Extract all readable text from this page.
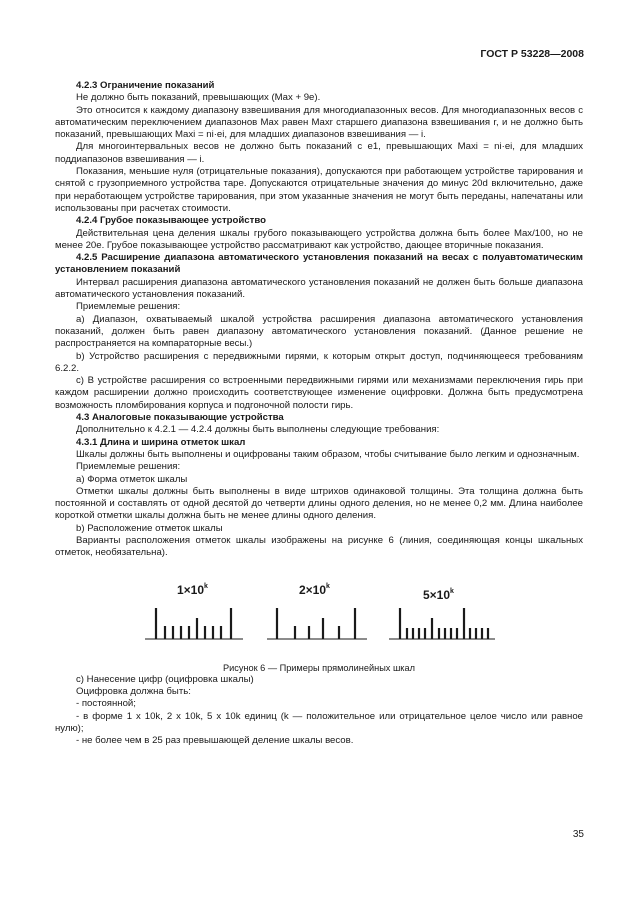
ГОСТ Р 53228—2008

4.2.3 Ограничение показаний

Не должно быть показаний, превышающих (Max + 9e).

Это относится к каждому диапазону взвешивания для многодиапазонных весов. Для многодиапазонных весов с автоматическим переключением диапазонов Max равен Maxr старшего диапазона взвешивания r, и не должно быть показаний, превышающих Maxi = ni·ei, для младших диапазонов взвешивания — i.

Для многоинтервальных весов не должно быть показаний с e1, превышающих Maxi = ni·ei, для младших поддиапазонов взвешивания — i.

Показания, меньшие нуля (отрицательные показания), допускаются при работающем устройстве тарирования и снятой с грузоприемного устройства таре. Допускаются отрицательные значения до минус 20d включительно, даже при неработающем устройстве тарирования, при этом указанные значения не могут быть переданы, напечатаны или использованы при расчетах стоимости.

4.2.4 Грубое показывающее устройство

Действительная цена деления шкалы грубого показывающего устройства должна быть более Max/100, но не менее 20e. Грубое показывающее устройство рассматривают как устройство, дающее вторичные показания.

4.2.5 Расширение диапазона автоматического установления показаний на весах с полуавтоматическим установлением показаний

Интервал расширения диапазона автоматического установления показаний не должен быть больше диапазона автоматического установления показаний.

Приемлемые решения:

а) Диапазон, охватываемый шкалой устройства расширения диапазона автоматического установления показаний, должен быть равен диапазону автоматического установления показаний. (Данное решение не распространяется на компараторные весы.)

b) Устройство расширения с передвижными гирями, к которым открыт доступ, подчиняющееся требованиям 6.2.2.

c) В устройстве расширения со встроенными передвижными гирями или механизмами переключения гирь при каждом расширении должно происходить соответствующее изменение оцифровки. Должна быть предусмотрена возможность пломбирования корпуса и подгоночной полости гирь.

4.3 Аналоговые показывающие устройства

Дополнительно к 4.2.1 — 4.2.4 должны быть выполнены следующие требования:

4.3.1 Длина и ширина отметок шкал

Шкалы должны быть выполнены и оцифрованы таким образом, чтобы считывание было легким и однозначным.

Приемлемые решения:

а) Форма отметок шкалы

Отметки шкалы должны быть выполнены в виде штрихов одинаковой толщины. Эта толщина должна быть постоянной и составлять от одной десятой до четверти длины одного деления, но не менее 0,2 мм. Длина наиболее короткой отметки шкалы должна быть не менее длины одного деления.

b) Расположение отметок шкалы

Варианты расположения отметок шкалы изображены на рисунке 6 (линия, соединяющая концы шкальных отметок, необязательна).

$1\times 10^k$	$2\times 10^k$
$5\times 10^k$

Рисунок 6 — Примеры прямолинейных шкал

c) Нанесение цифр (оцифровка шкалы)

Оцифровка должна быть:

- постоянной;

- в форме 1 x 10k, 2 x 10k, 5 x 10k единиц (k — положительное или отрицательное целое число или равное нулю);

- не более чем в 25 раз превышающей деление шкалы весов.

35
